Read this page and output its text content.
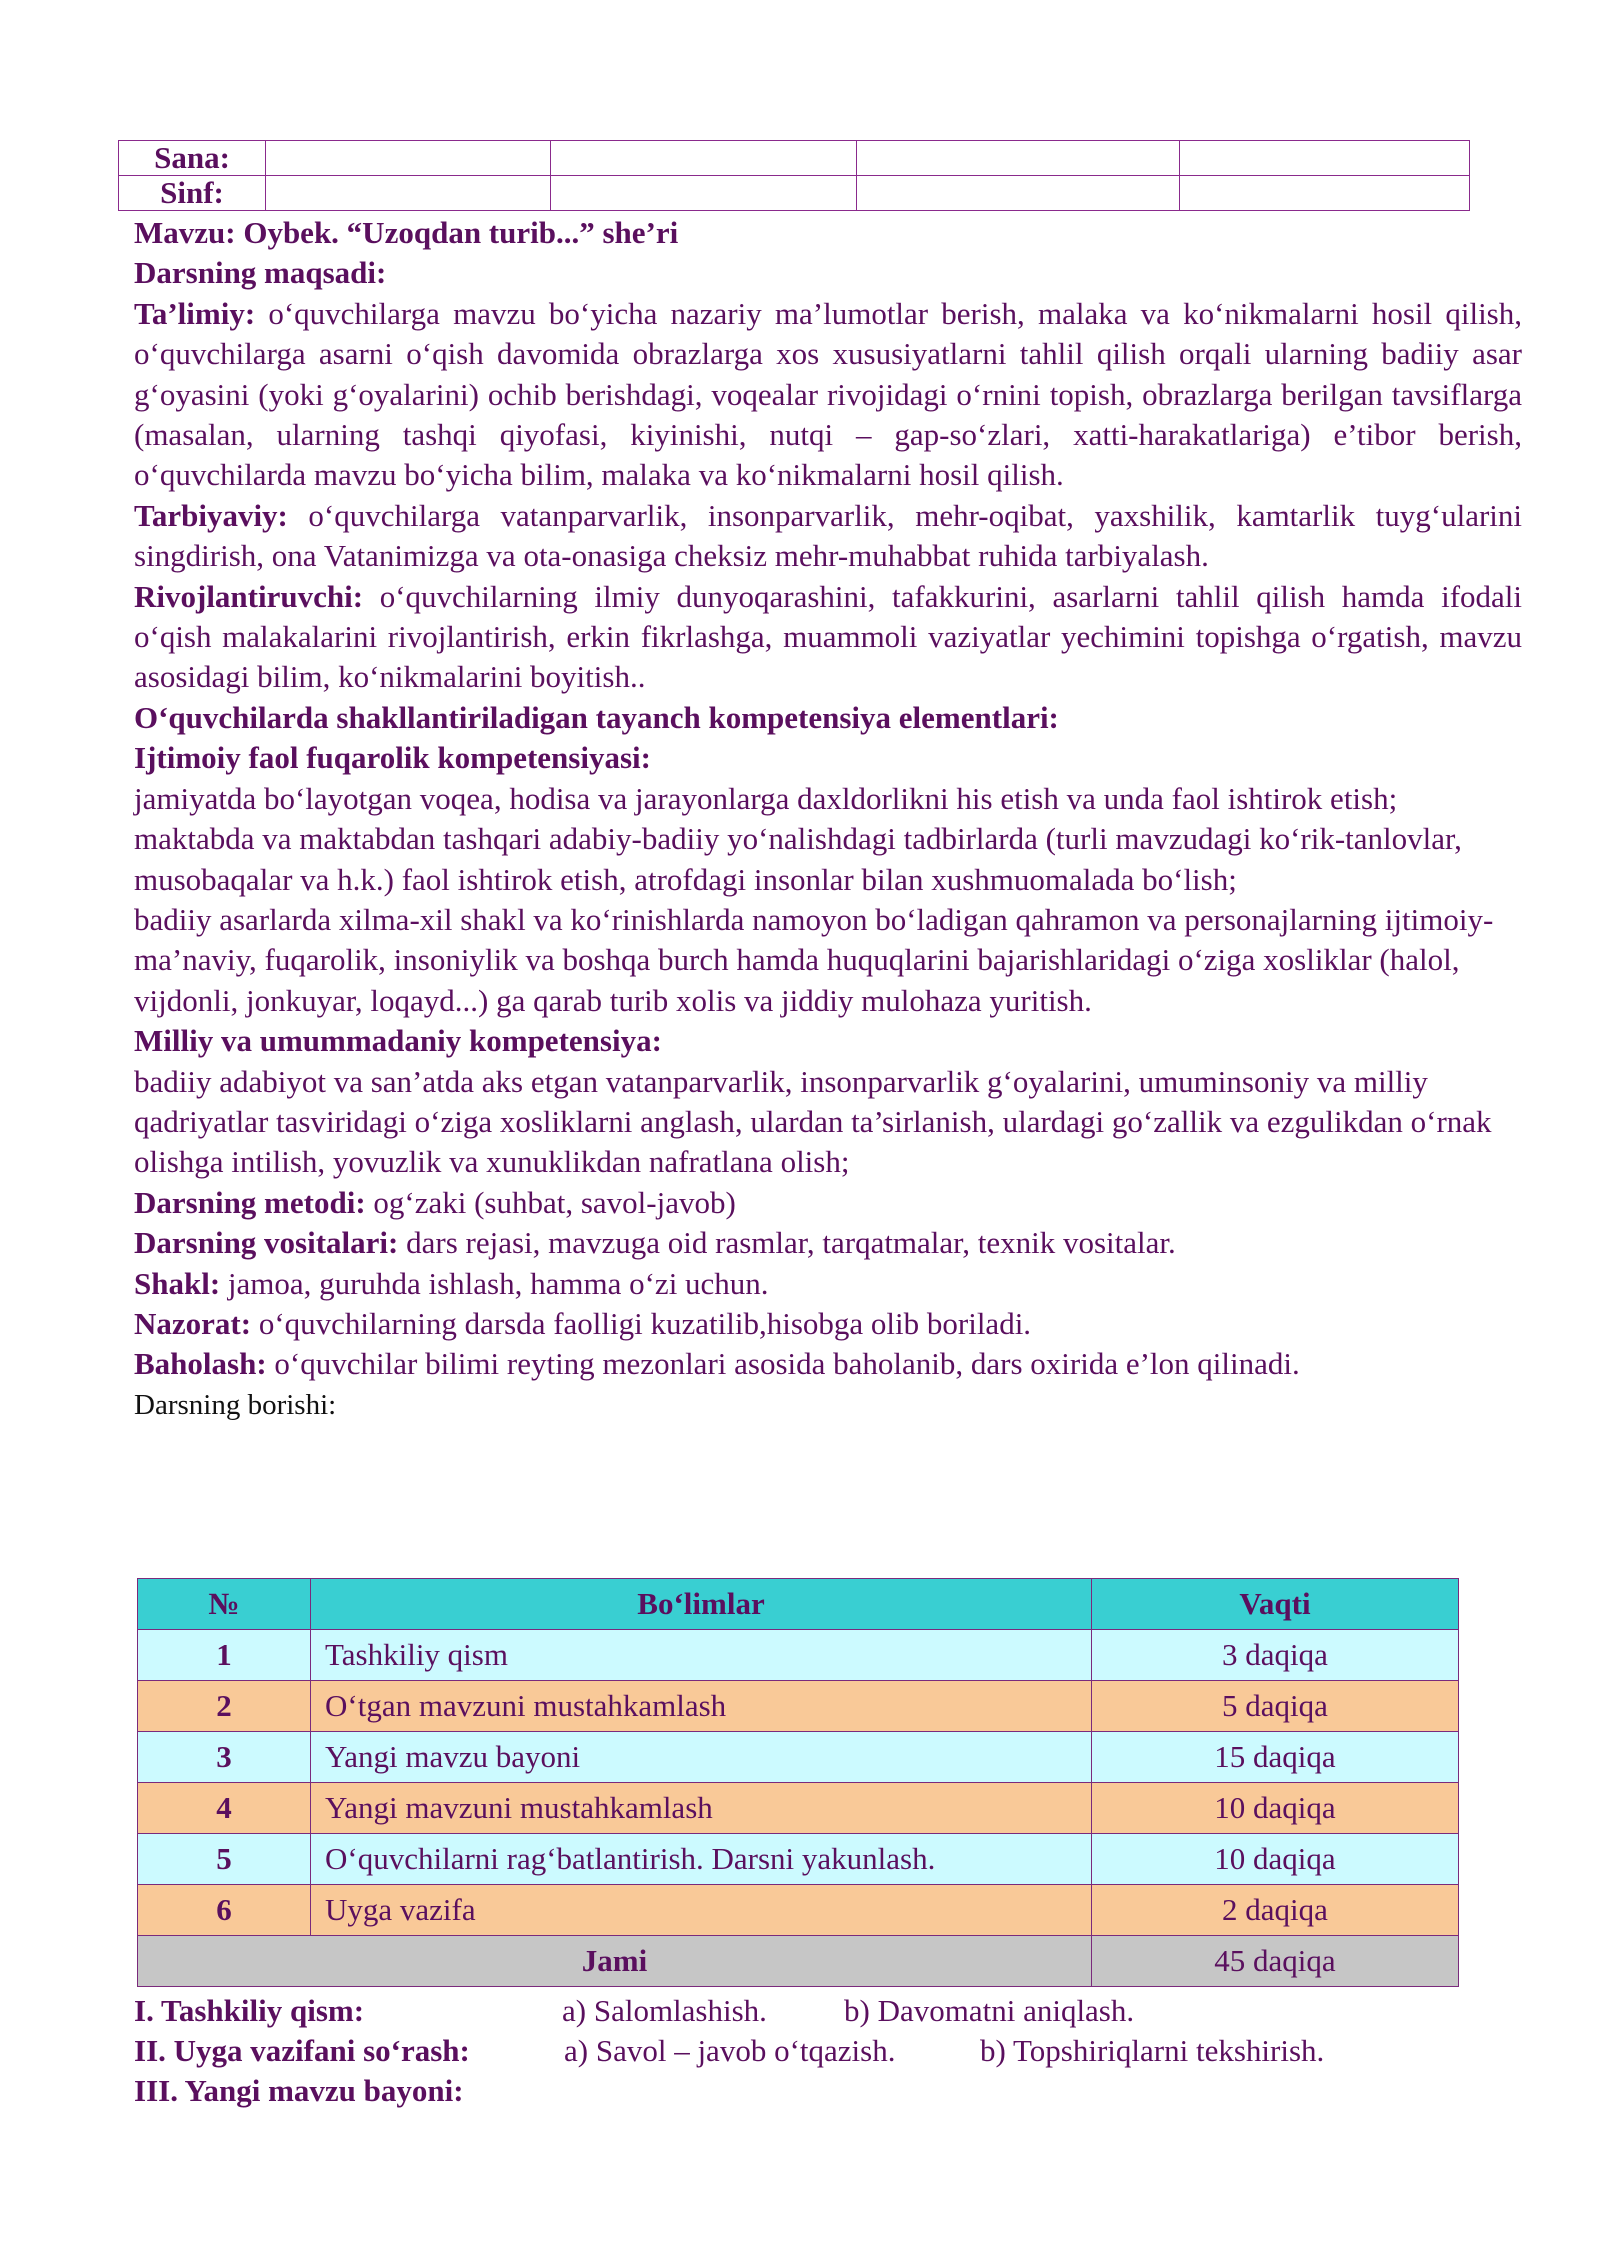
Sana:				
Sinf:				

Mavzu: Oybek. “Uzoqdan turib...” she’ri

Darsning maqsadi:

Ta’limiy: o‘quvchilarga mavzu bo‘yicha nazariy ma’lumotlar berish, malaka va ko‘nikmalarni hosil qilish, o‘quvchilarga asarni o‘qish davomida obrazlarga xos xususiyatlarni tahlil qilish orqali ularning badiiy asar g‘oyasini (yoki g‘oyalarini) ochib berishdagi, voqealar rivojidagi o‘rnini topish, obrazlarga berilgan tavsiflarga (masalan, ularning tashqi qiyofasi, kiyinishi, nutqi – gap-so‘zlari, xatti-harakatlariga) e’tibor berish, o‘quvchilarda mavzu bo‘yicha bilim, malaka va ko‘nikmalarni hosil qilish.

Tarbiyaviy: o‘quvchilarga vatanparvarlik, insonparvarlik, mehr-oqibat, yaxshilik, kamtarlik tuyg‘ularini singdirish, ona Vatanimizga va ota-onasiga cheksiz mehr-muhabbat ruhida tarbiyalash.

Rivojlantiruvchi: o‘quvchilarning ilmiy dunyoqarashini, tafakkurini, asarlarni tahlil qilish hamda ifodali o‘qish malakalarini rivojlantirish, erkin fikrlashga, muammoli vaziyatlar yechimini topishga o‘rgatish, mavzu asosidagi bilim, ko‘nikmalarini boyitish..

O‘quvchilarda shakllantiriladigan tayanch kompetensiya elementlari:

Ijtimoiy faol fuqarolik kompetensiyasi:

jamiyatda bo‘layotgan voqea, hodisa va jarayonlarga daxldorlikni his etish va unda faol ishtirok etish;

maktabda va maktabdan tashqari adabiy-badiiy yo‘nalishdagi tadbirlarda (turli mavzudagi ko‘rik-tanlovlar, musobaqalar va h.k.) faol ishtirok etish, atrofdagi insonlar bilan xushmuomalada bo‘lish;

badiiy asarlarda xilma-xil shakl va ko‘rinishlarda namoyon bo‘ladigan qahramon va personajlarning ijtimoiy-ma’naviy, fuqarolik, insoniylik va boshqa burch hamda huquqlarini bajarishlaridagi o‘ziga xosliklar (halol, vijdonli, jonkuyar, loqayd...) ga qarab turib xolis va jiddiy mulohaza yuritish.

Milliy va umummadaniy kompetensiya:

badiiy adabiyot va san’atda aks etgan vatanparvarlik, insonparvarlik g‘oyalarini, umuminsoniy va milliy qadriyatlar tasviridagi o‘ziga xosliklarni anglash, ulardan ta’sirlanish, ulardagi go‘zallik va ezgulikdan o‘rnak olishga intilish, yovuzlik va xunuklikdan nafratlana olish;

Darsning metodi: og‘zaki (suhbat, savol-javob)

Darsning vositalari: dars rejasi, mavzuga oid rasmlar, tarqatmalar, texnik vositalar.

Shakl: jamoa, guruhda ishlash, hamma o‘zi uchun.

Nazorat: o‘quvchilarning darsda faolligi kuzatilib,hisobga olib boriladi.

Baholash: o‘quvchilar bilimi reyting mezonlari asosida baholanib, dars oxirida e’lon qilinadi.

Darsning borishi:

№	Bo‘limlar	Vaqti
1	Tashkiliy qism	3 daqiqa
2	O‘tgan mavzuni mustahkamlash	5 daqiqa
3	Yangi mavzu bayoni	15 daqiqa
4	Yangi mavzuni mustahkamlash	10 daqiqa
5	O‘quvchilarni rag‘batlantirish. Darsni yakunlash.	10 daqiqa
6	Uyga vazifa	2 daqiqa
Jami		45 daqiqa
I. Tashkiliy qism:	a) Salomlashish. b) Davomatni aniqlash.
II. Uyga vazifani so‘rash:	a) Savol – javob o‘tqazish.	b) Topshiriqlarni tekshirish.
III. Yangi mavzu bayoni:
